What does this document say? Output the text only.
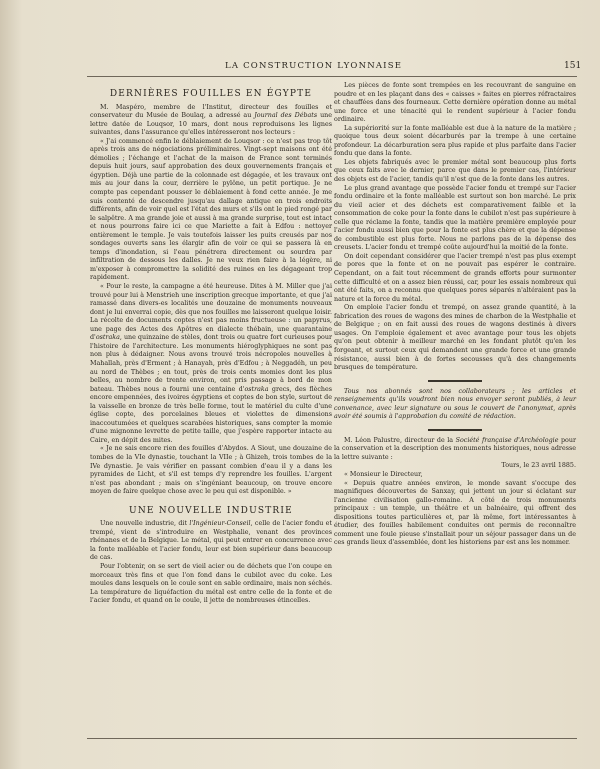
LA CONSTRUCTION LYONNAISE	151
DERNIÈRES FOUILLES EN ÉGYPTE

M. Maspéro, membre de l'Institut, directeur des fouilles et conservateur du Musée de Boulaq, a adressé au Journal des Débats une lettre datée de Louqsor, 10 mars, dont nous reproduisons les lignes suivantes, dans l'assurance qu'elles intéresseront nos lecteurs :

« J'ai commencé enfin le déblaiement de Louqsor : ce n'est pas trop tôt après trois ans de négociations préliminaires. Vingt-sept maisons ont été démolies ; l'échange et l'achat de la maison de France sont terminés depuis huit jours, sauf approbation des deux gouvernements français et égyptien. Déjà une partie de la colonnade est dégagée, et les travaux ont mis au jour dans la cour, derrière le pylône, un petit portique. Je ne compte pas cependant pousser le déblaiement à fond cette année. Je me suis contenté de descendre jusqu'au dallage antique en trois endroits différents, afin de voir quel est l'état des murs et s'ils ont le pied rongé par le salpêtre. A ma grande joie et aussi à ma grande surprise, tout est intact et nous pourrons faire ici ce que Mariette a fait à Edfou : nettoyer entièrement le temple. Je vais toutefois laisser les puits creusés par nos sondages ouverts sans les élargir afin de voir ce qui se passera là en temps d'inondation, si l'eau pénétrera directement ou sourdra par infiltration de dessous les dalles. Je ne veux rien faire à la légère, ni m'exposer à compromettre la solidité des ruines en les dégageant trop rapidement.

« Pour le reste, la campagne a été heureuse. Dites à M. Miller que j'ai trouvé pour lui à Menstrieh une inscription grecque importante, et que j'ai ramassé dans divers-es localités une douzaine de monuments nouveaux dont je lui enverrai copie, dès que nos fouilles me laisseront quelque loisir. La récolte de documents coptes n'est pas moins fructueuse : un papyrus, une page des Actes des Apôtres en dialecte thébain, une quarantaine d'ostraka, une quinzaine de stèles, dont trois ou quatre fort curieuses pour l'histoire de l'architecture. Les monuments hiéroglyphiques ne sont pas non plus à dédaigner. Nous avons trouvé trois nécropoles nouvelles à Mahallah, près d'Erment ; à Hanayah, près d'Edfou ; à Neggadéh, un peu au nord de Thèbes ; en tout, près de trois cents momies dont les plus belles, au nombre de trente environ, ont pris passage à bord de mon bateau. Thèbes nous a fourni une centaine d'ostraka grecs, des flèches encore empennées, des ivoires égyptiens et coptes de bon style, surtout de la vaisselle en bronze de très belle forme, tout le matériel du culte d'une église copte, des porcelaines bleues et violettes de dimensions inaccoutumées et quelques scarabées historiques, sans compter la momie d'une mignonne levrette de petite taille, que j'espère rapporter intacte au Caire, en dépit des mites.

« Je ne sais encore rien des fouilles d'Abydos. A Siout, une douzaine de tombes de la VIe dynastie, touchant la VIIe ; à Ghizeh, trois tombes de la IVe dynastie. Je vais vérifier en passant combien d'eau il y a dans les pyramides de Licht, et s'il est temps d'y reprendre les fouilles. L'argent n'est pas abondant ; mais on s'ingéniant beaucoup, on trouve encore moyen de faire quelque chose avec le peu qui est disponible. »

UNE NOUVELLE INDUSTRIE

Une nouvelle industrie, dit l'Ingénieur-Conseil, celle de l'acier fondu et trempé, vient de s'introduire en Westphalie, venant des provinces rhénanes et de la Belgique. Le métal, qui peut entrer en concurrence avec la fonte malléable et l'acier fondu, leur est bien supérieur dans beaucoup de cas.

Pour l'obtenir, on se sert de vieil acier ou de déchets que l'on coupe en morceaux très fins et que l'on fond dans le cubilot avec du coke. Les moules dans lesquels on le coule sont en sable ordinaire, mais non séchés. La température de liquéfaction du métal est entre celle de la fonte et de l'acier fondu, et quand on le coule, il jette de nombreuses étincelles.

Les pièces de fonte sont trempées en les recouvrant de sanguine en poudre et en les plaçant dans des « caisses » faites en pierres réfractaires et chauffées dans des fourneaux. Cette dernière opération donne au métal une force et une ténacité qui le rendent supérieur à l'acier fondu ordinaire.

La supériorité sur la fonte malléable est due à la nature de la matière ; quoique tous deux soient décarburés par la trempe à une certaine profondeur. La décarburation sera plus rapide et plus parfaite dans l'acier fondu que dans la fonte.

Les objets fabriqués avec le premier métal sont beaucoup plus forts que ceux faits avec le dernier, parce que dans le premier cas, l'intérieur des objets est de l'acier, tandis qu'il n'est que de la fonte dans les autres.

Le plus grand avantage que possède l'acier fondu et trempé sur l'acier fondu ordinaire et la fonte malléable est surtout son bon marché. Le prix du vieil acier et des déchets est comparativement faible et la consommation de coke pour la fonte dans le cubilot n'est pas supérieure à celle que réclame la fonte, tandis que la matière première employée pour l'acier fondu aussi bien que pour la fonte est plus chère et que la dépense de combustible est plus forte. Nous ne parlons pas de la dépense des creusets. L'acier fondu et trempé coûte aujourd'hui la moitié de la fonte.

On doit cependant considérer que l'acier trempé n'est pas plus exempt de pores que la fonte et on ne pouvait pas espérer le contraire. Cependant, on a fait tout récemment de grands efforts pour surmonter cette difficulté et on a assez bien réussi, car, pour les essais nombreux qui ont été faits, on a reconnu que quelques pores séparés n'altéraient pas la nature et la force du métal.

On emploie l'acier fondu et trempé, on assez grande quantité, à la fabrication des roues de wagons des mines de charbon de la Westphalie et de Belgique ; on en fait aussi des roues de wagons destinés à divers usages. On l'emploie également et avec avantage pour tous les objets qu'on peut obtenir à meilleur marché en les fondant plutôt qu'en les forgeant, et surtout ceux qui demandent une grande force et une grande résistance, aussi bien à de fortes secousses qu'à des changements brusques de température.

Tous nos abonnés sont nos collaborateurs ; les articles et renseignements qu'ils voudront bien nous envoyer seront publiés, à leur convenance, avec leur signature ou sous le couvert de l'anonymat, après avoir été soumis à l'approbation du comité de rédaction.

M. Léon Palustre, directeur de la Société française d'Archéologie pour la conservation et la description des monuments historiques, nous adresse la lettre suivante :

Tours, le 23 avril 1885.

« Monsieur le Directeur,

« Depuis quatre années environ, le monde savant s'occupe des magnifiques découvertes de Sanxay, qui jettent un jour si éclatant sur l'ancienne civilisation gallo-romaine. A côté de trois monuments principaux : un temple, un théâtre et un balnéaire, qui offrent des dispositions toutes particulières et, par là même, fort intéressantes à étudier, des fouilles habilement conduites ont permis de reconnaître comment une foule pieuse s'installait pour un séjour passager dans un de ces grands lieux d'assemblée, dont les historiens par est ans les nommer.
